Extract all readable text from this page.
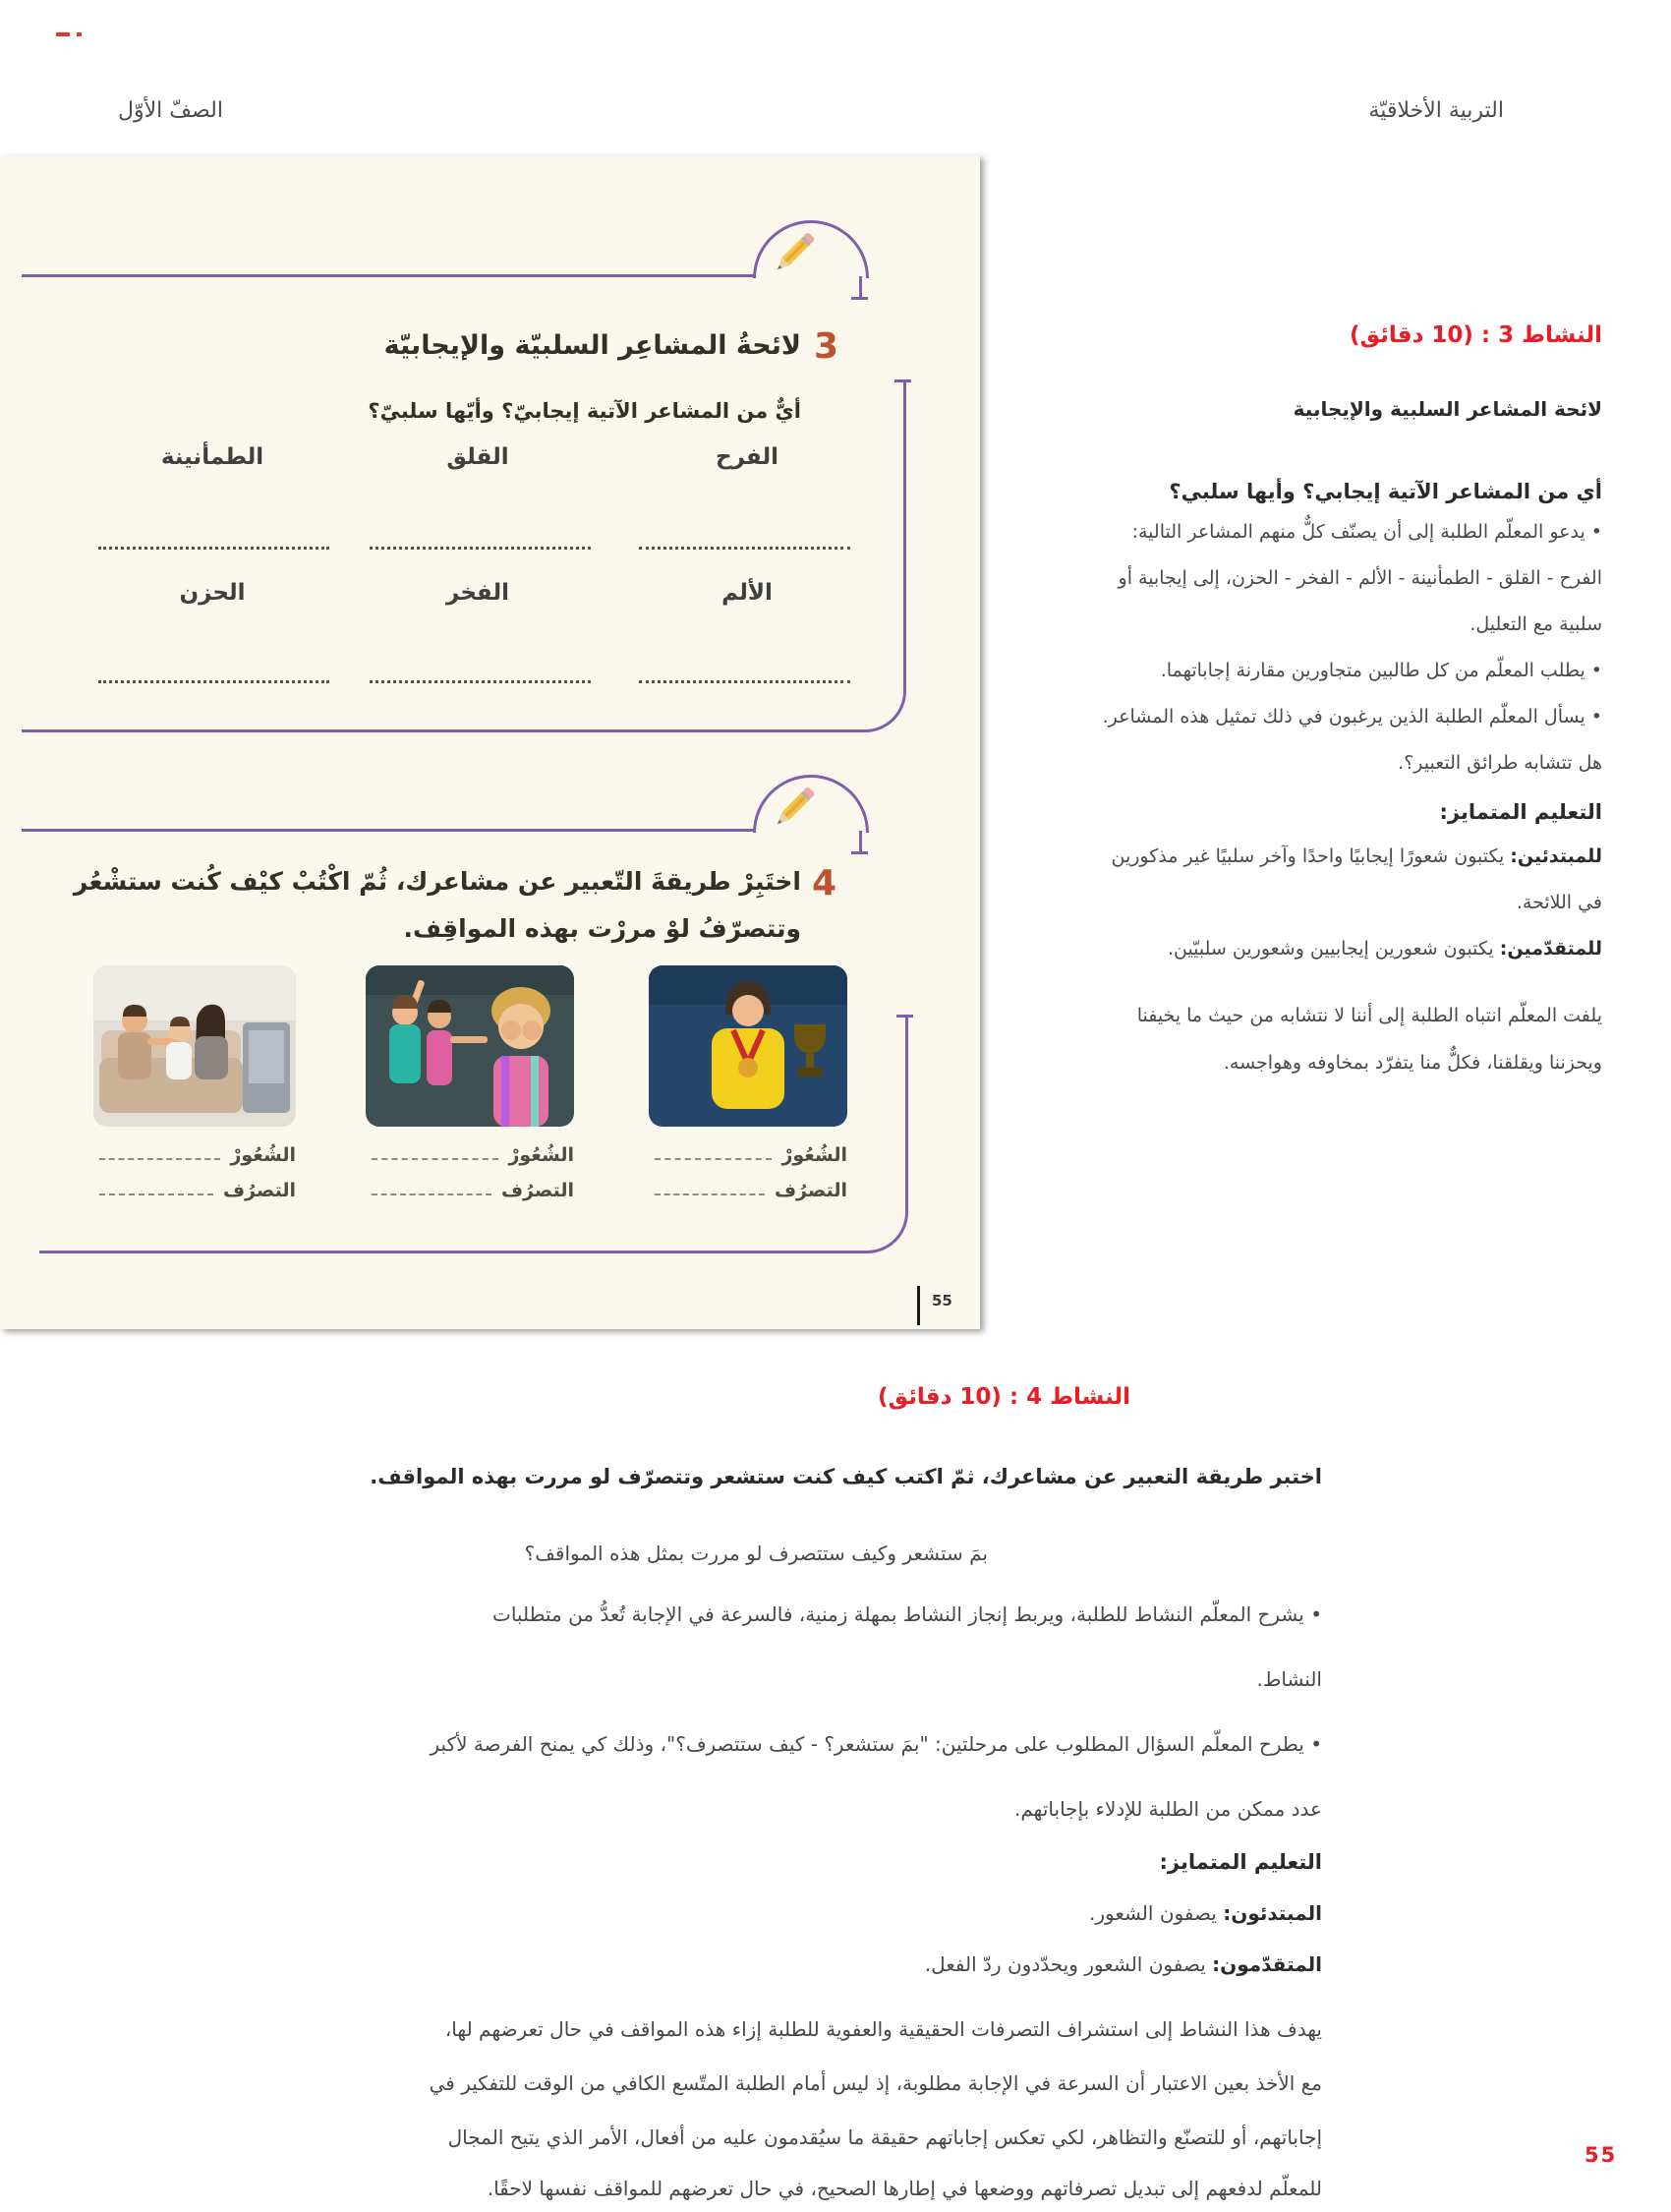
الصفّ الأوّل	التربية الأخلاقيّة
3
لائحةُ المشاعِر السلبيّة والإيجابيّة
أيٌّ من المشاعر الآتية إيجابيّ؟ وأيّها سلبيّ؟
الفرح
القلق
الطمأنينة
الألم
الفخر
الحزن
4
اختَبِرْ طريقةَ التّعبير عن مشاعرك، ثُمّ اكْتُبْ كيْف كُنت ستشْعُر
وتتصرّفُ لوْ مررْت بهذه المواقِف.
الشُعُورْ
التصرُف
الشُعُورْ
التصرُف
الشُعُورْ
التصرُف
55
النشاط 3 : (10 دقائق)
لائحة المشاعر السلبية والإيجابية
أي من المشاعر الآتية إيجابي؟ وأيها سلبي؟
• يدعو المعلّم الطلبة إلى أن يصنّف كلٌّ منهم المشاعر التالية:
الفرح - القلق - الطمأنينة - الألم - الفخر - الحزن، إلى إيجابية أو
سلبية مع التعليل.
• يطلب المعلّم من كل طالبين متجاورين مقارنة إجاباتهما.
• يسأل المعلّم الطلبة الذين يرغبون في ذلك تمثيل هذه المشاعر.
هل تتشابه طرائق التعبير؟.
التعليم المتمايز:
للمبتدئين: يكتبون شعورًا إيجابيًا واحدًا وآخر سلبيًا غير مذكورين
في اللائحة.
للمتقدّمين: يكتبون شعورين إيجابيين وشعورين سلبيّين.
يلفت المعلّم انتباه الطلبة إلى أننا لا نتشابه من حيث ما يخيفنا
ويحزننا ويقلقنا، فكلٌّ منا يتفرّد بمخاوفه وهواجسه.
النشاط 4 : (10 دقائق)
اختبر طريقة التعبير عن مشاعرك، ثمّ اكتب كيف كنت ستشعر وتتصرّف لو مررت بهذه المواقف.
بمَ ستشعر وكيف ستتصرف لو مررت بمثل هذه المواقف؟
• يشرح المعلّم النشاط للطلبة، ويربط إنجاز النشاط بمهلة زمنية، فالسرعة في الإجابة تُعدُّ من متطلبات
النشاط.
• يطرح المعلّم السؤال المطلوب على مرحلتين: "بمَ ستشعر؟ - كيف ستتصرف؟"، وذلك كي يمنح الفرصة لأكبر
عدد ممكن من الطلبة للإدلاء بإجاباتهم.
التعليم المتمايز:
المبتدئون: يصفون الشعور.
المتقدّمون: يصفون الشعور ويحدّدون ردّ الفعل.
يهدف هذا النشاط إلى استشراف التصرفات الحقيقية والعفوية للطلبة إزاء هذه المواقف في حال تعرضهم لها،
مع الأخذ بعين الاعتبار أن السرعة في الإجابة مطلوبة، إذ ليس أمام الطلبة المتّسع الكافي من الوقت للتفكير في
إجاباتهم، أو للتصنّع والتظاهر، لكي تعكس إجاباتهم حقيقة ما سيُقدمون عليه من أفعال، الأمر الذي يتيح المجال
للمعلّم لدفعهم إلى تبديل تصرفاتهم ووضعها في إطارها الصحيح، في حال تعرضهم للمواقف نفسها لاحقًا.
55
